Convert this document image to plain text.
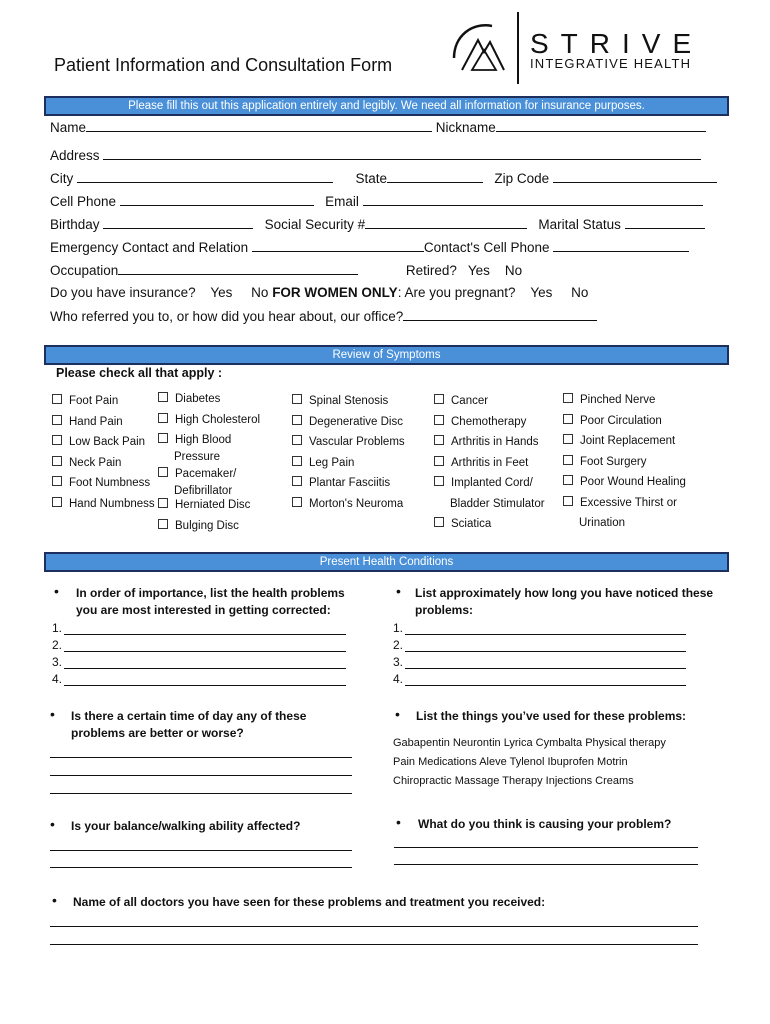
Patient Information and Consultation Form
STRIVE
INTEGRATIVE HEALTH
Please fill this out this application entirely and legibly. We need all information for insurance purposes.
Name	Nickname
Address
City	State	Zip Code
Cell Phone	Email
Birthday	Social Security #	Marital Status
Emergency Contact and Relation	Contact's Cell Phone
Occupation	Retired? Yes No
Do you have insurance? Yes No FOR WOMEN ONLY: Are you pregnant? Yes No
Who referred you to, or how did you hear about, our office?
Review of Symptoms
Please check all that apply :
Foot Pain
Hand Pain
Low Back Pain
Neck Pain
Foot Numbness
Hand Numbness
Diabetes
High Cholesterol
High Blood
Pressure
Pacemaker/
Defibrillator
Herniated Disc
Bulging Disc
Spinal Stenosis
Degenerative Disc
Vascular Problems
Leg Pain
Plantar Fasciitis
Morton's Neuroma
Cancer
Chemotherapy
Arthritis in Hands
Arthritis in Feet
Implanted Cord/
Bladder Stimulator
Sciatica
Pinched Nerve
Poor Circulation
Joint Replacement
Foot Surgery
Poor Wound Healing
Excessive Thirst or
Urination
Present Health Conditions
• In order of importance, list the health problems
you are most interested in getting corrected:
• List approximately how long you have noticed these
problems:
1.
2.
3.
4.
1.
2.
3.
4.
• Is there a certain time of day any of these
problems are better or worse?
• List the things you’ve used for these problems:
Gabapentin Neurontin Lyrica Cymbalta Physical therapy
Pain Medications Aleve Tylenol Ibuprofen Motrin
Chiropractic Massage Therapy Injections Creams
• Is your balance/walking ability affected?	• What do you think is causing your problem?
• Name of all doctors you have seen for these problems and treatment you received:
